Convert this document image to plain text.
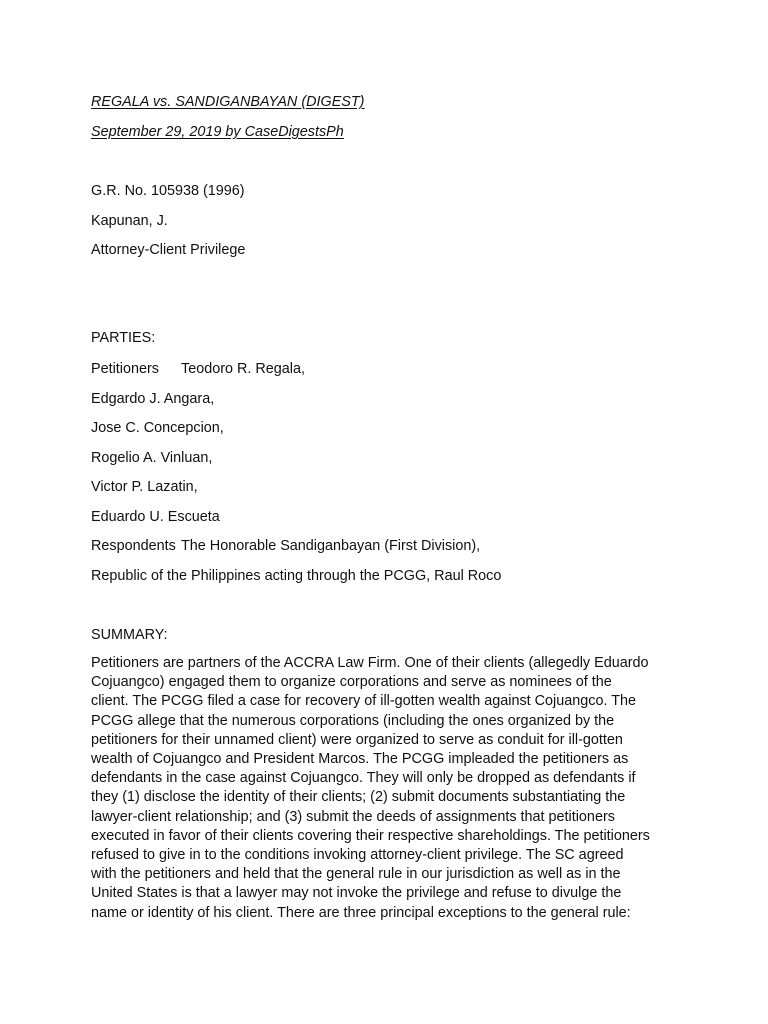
REGALA vs. SANDIGANBAYAN (DIGEST)
September 29, 2019 by CaseDigestsPh
G.R. No. 105938 (1996)
Kapunan, J.
Attorney-Client Privilege
PARTIES:
Petitioners Teodoro R. Regala,
Edgardo J. Angara,
Jose C. Concepcion,
Rogelio A. Vinluan,
Victor P. Lazatin,
Eduardo U. Escueta
Respondents The Honorable Sandiganbayan (First Division),
Republic of the Philippines acting through the PCGG, Raul Roco
SUMMARY:
Petitioners are partners of the ACCRA Law Firm. One of their clients (allegedly Eduardo
Cojuangco) engaged them to organize corporations and serve as nominees of the
client. The PCGG filed a case for recovery of ill-gotten wealth against Cojuangco. The
PCGG allege that the numerous corporations (including the ones organized by the
petitioners for their unnamed client) were organized to serve as conduit for ill-gotten
wealth of Cojuangco and President Marcos. The PCGG impleaded the petitioners as
defendants in the case against Cojuangco. They will only be dropped as defendants if
they (1) disclose the identity of their clients; (2) submit documents substantiating the
lawyer-client relationship; and (3) submit the deeds of assignments that petitioners
executed in favor of their clients covering their respective shareholdings. The petitioners
refused to give in to the conditions invoking attorney-client privilege. The SC agreed
with the petitioners and held that the general rule in our jurisdiction as well as in the
United States is that a lawyer may not invoke the privilege and refuse to divulge the
name or identity of his client. There are three principal exceptions to the general rule:
